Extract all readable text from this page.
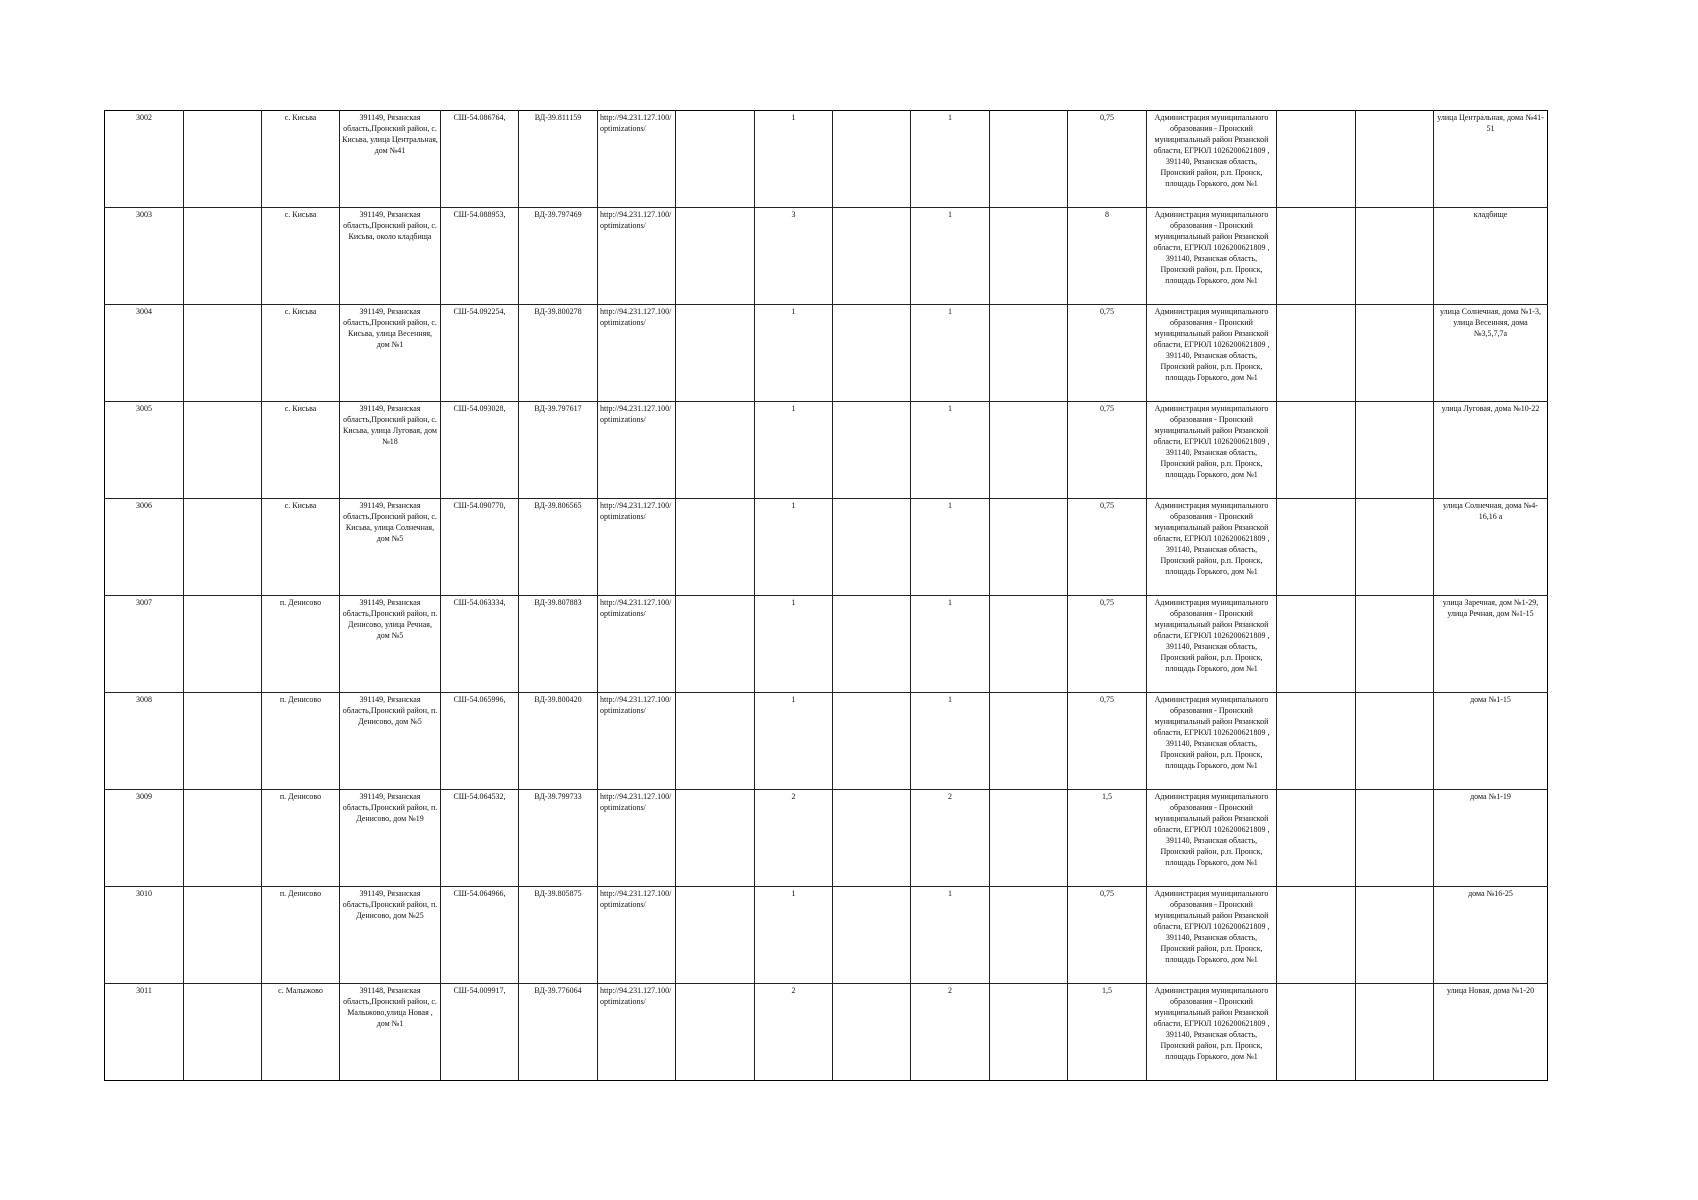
3002		с. Кисьва	391149, Рязанская область,Пронский район, с. Кисьва, улица Центральная, дом №41	СШ-54.086764,	ВД-39.811159	http://94.231.127.100/optimizations/		1		1		0,75	Администрация муниципального образования - Пронский муниципальный район Рязанской области, ЕГРЮЛ 1026200621809 , 391140, Рязанская область, Пронский район, р.п. Пронск, площадь Горького, дом №1			улица Центральная, дома №41-51
3003		с. Кисьва	391149, Рязанская область,Пронский район, с. Кисьва, около кладбища	СШ-54.088953,	ВД-39.797469	http://94.231.127.100/optimizations/		3		1		8	Администрация муниципального образования - Пронский муниципальный район Рязанской области, ЕГРЮЛ 1026200621809 , 391140, Рязанская область, Пронский район, р.п. Пронск, площадь Горького, дом №1			кладбище
3004		с. Кисьва	391149, Рязанская область,Пронский район, с. Кисьва, улица Весенняя, дом №1	СШ-54.092254,	ВД-39.800278	http://94.231.127.100/optimizations/		1		1		0,75	Администрация муниципального образования - Пронский муниципальный район Рязанской области, ЕГРЮЛ 1026200621809 , 391140, Рязанская область, Пронский район, р.п. Пронск, площадь Горького, дом №1			улица Солнечная, дома №1-3, улица Весенняя, дома №3,5,7,7а
3005		с. Кисьва	391149, Рязанская область,Пронский район, с. Кисьва, улица Луговая, дом №18	СШ-54.093028,	ВД-39.797617	http://94.231.127.100/optimizations/		1		1		0,75	Администрация муниципального образования - Пронский муниципальный район Рязанской области, ЕГРЮЛ 1026200621809 , 391140, Рязанская область, Пронский район, р.п. Пронск, площадь Горького, дом №1			улица Луговая, дома №10-22
3006		с. Кисьва	391149, Рязанская область,Пронский район, с. Кисьва, улица Солнечная, дом №5	СШ-54.090770,	ВД-39.806565	http://94.231.127.100/optimizations/		1		1		0,75	Администрация муниципального образования - Пронский муниципальный район Рязанской области, ЕГРЮЛ 1026200621809 , 391140, Рязанская область, Пронский район, р.п. Пронск, площадь Горького, дом №1			улица Солнечная, дома №4-16,16 а
3007		п. Денисово	391149, Рязанская область,Пронский район, п. Денисово, улица Речная, дом №5	СШ-54.063334,	ВД-39.807883	http://94.231.127.100/optimizations/		1		1		0,75	Администрация муниципального образования - Пронский муниципальный район Рязанской области, ЕГРЮЛ 1026200621809 , 391140, Рязанская область, Пронский район, р.п. Пронск, площадь Горького, дом №1			улица Заречная, дом №1-29, улица Речная, дом №1-15
3008		п. Денисово	391149, Рязанская область,Пронский район, п. Денисово, дом №5	СШ-54.065996,	ВД-39.800420	http://94.231.127.100/optimizations/		1		1		0,75	Администрация муниципального образования - Пронский муниципальный район Рязанской области, ЕГРЮЛ 1026200621809 , 391140, Рязанская область, Пронский район, р.п. Пронск, площадь Горького, дом №1			дома №1-15
3009		п. Денисово	391149, Рязанская область,Пронский район, п. Денисово, дом №19	СШ-54.064532,	ВД-39.799733	http://94.231.127.100/optimizations/		2		2		1,5	Администрация муниципального образования - Пронский муниципальный район Рязанской области, ЕГРЮЛ 1026200621809 , 391140, Рязанская область, Пронский район, р.п. Пронск, площадь Горького, дом №1			дома №1-19
3010		п. Денисово	391149, Рязанская область,Пронский район, п. Денисово, дом №25	СШ-54.064966,	ВД-39.805875	http://94.231.127.100/optimizations/		1		1		0,75	Администрация муниципального образования - Пронский муниципальный район Рязанской области, ЕГРЮЛ 1026200621809 , 391140, Рязанская область, Пронский район, р.п. Пронск, площадь Горького, дом №1			дома №16-25
3011		с. Малыжово	391148, Рязанская область,Пронский район, с. Малыжово,улица Новая , дом №1	СШ-54.009917,	ВД-39.776064	http://94.231.127.100/optimizations/		2		2		1,5	Администрация муниципального образования - Пронский муниципальный район Рязанской области, ЕГРЮЛ 1026200621809 , 391140, Рязанская область, Пронский район, р.п. Пронск, площадь Горького, дом №1			улица Новая, дома №1-20
